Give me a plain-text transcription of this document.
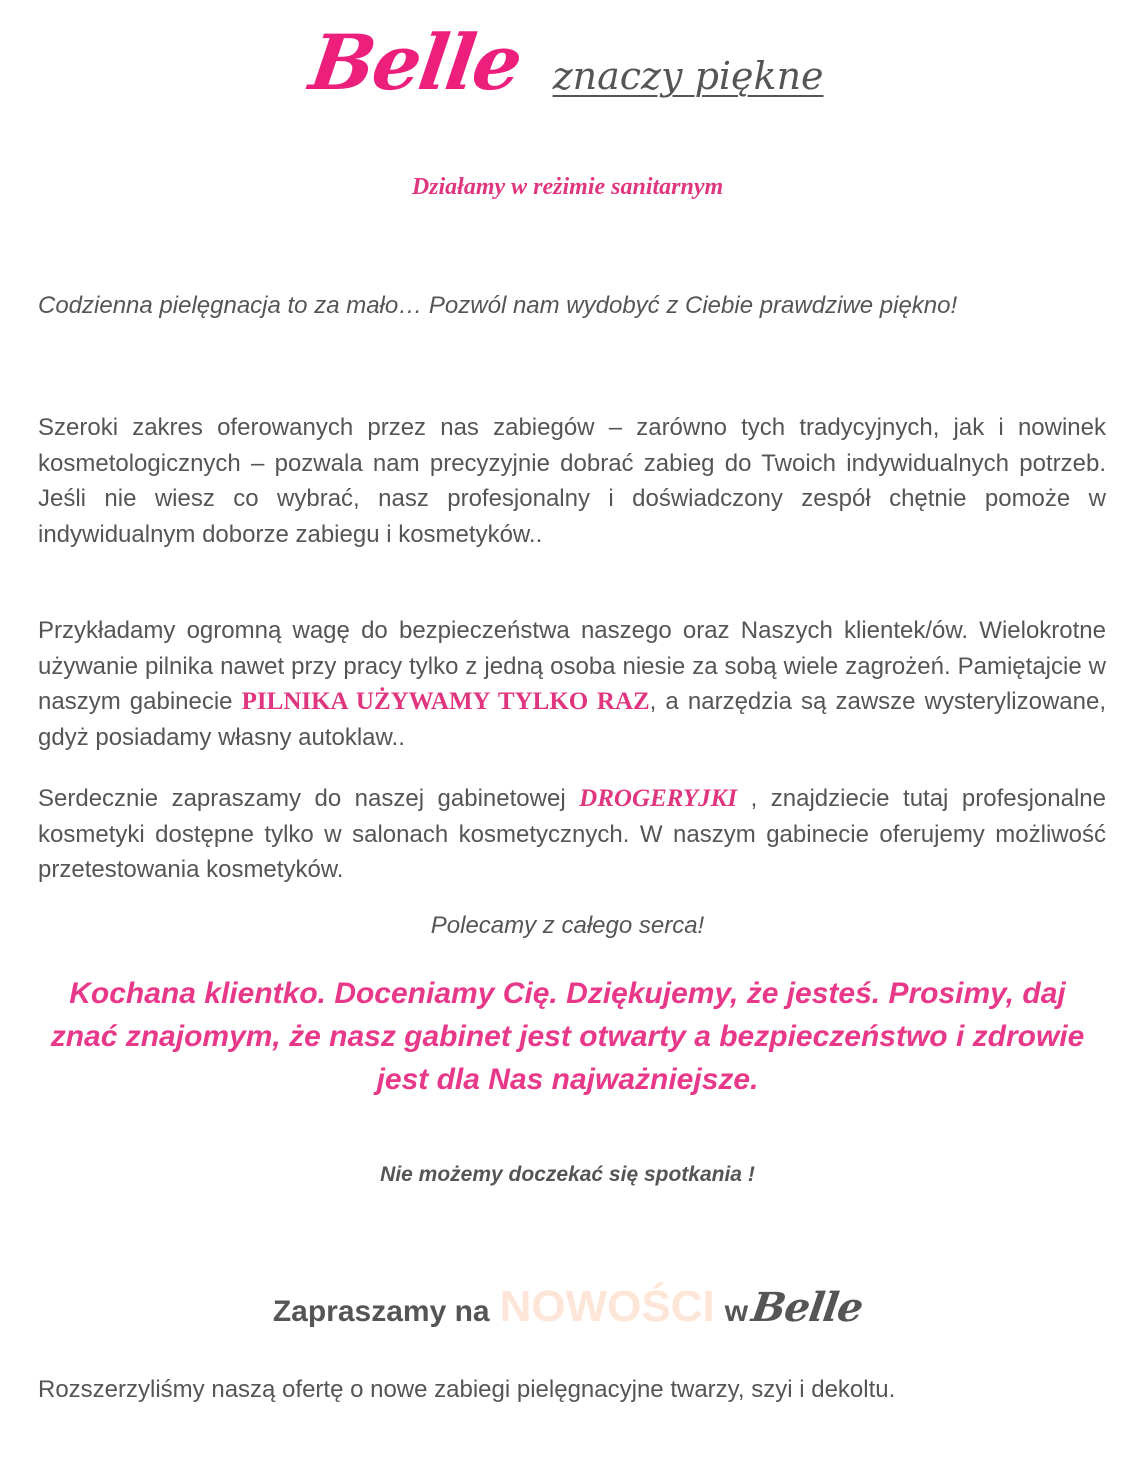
Belle znaczy piękne
Działamy w reżimie sanitarnym
Codzienna pielęgnacja to za mało… Pozwól nam wydobyć z Ciebie prawdziwe piękno!
Szeroki zakres oferowanych przez nas zabiegów – zarówno tych tradycyjnych, jak i nowinek kosmetologicznych – pozwala nam precyzyjnie dobrać zabieg do Twoich indywidualnych potrzeb. Jeśli nie wiesz co wybrać, nasz profesjonalny i doświadczony zespół chętnie pomoże w indywidualnym doborze zabiegu i kosmetyków..
Przykładamy ogromną wagę do bezpieczeństwa naszego oraz Naszych klientek/ów. Wielokrotne używanie pilnika nawet przy pracy tylko z jedną osoba niesie za sobą wiele zagrożeń. Pamiętajcie w naszym gabinecie PILNIKA UŻYWAMY TYLKO RAZ, a narzędzia są zawsze wysterylizowane, gdyż posiadamy własny autoklaw..
Serdecznie zapraszamy do naszej gabinetowej DROGERYJKI , znajdziecie tutaj profesjonalne kosmetyki dostępne tylko w salonach kosmetycznych. W naszym gabinecie oferujemy możliwość przetestowania kosmetyków.
Polecamy z całego serca!
Kochana klientko. Doceniamy Cię. Dziękujemy, że jesteś. Prosimy, daj znać znajomym, że nasz gabinet jest otwarty a bezpieczeństwo i zdrowie jest dla Nas najważniejsze.
Nie możemy doczekać się spotkania !
Zapraszamy na NOWOŚCI wBelle
Rozszerzyliśmy naszą ofertę o nowe zabiegi pielęgnacyjne twarzy, szyi i dekoltu.
